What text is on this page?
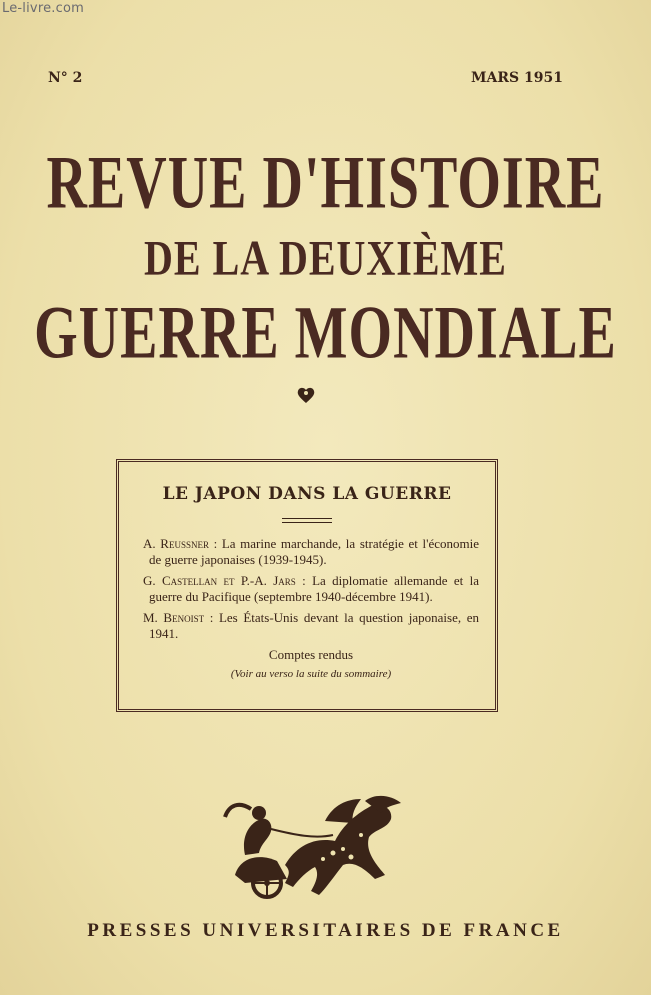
Le-livre.com
N° 2	MARS 1951
REVUE D'HISTOIRE
DE LA DEUXIÈME
GUERRE MONDIALE
LE JAPON DANS LA GUERRE
A. Reussner : La marine marchande, la stratégie et l'économie de guerre japonaises (1939-1945).
G. Castellan et P.-A. Jars : La diplomatie allemande et la guerre du Pacifique (septembre 1940-décembre 1941).
M. Benoist : Les États-Unis devant la question japonaise, en 1941.
Comptes rendus
(Voir au verso la suite du sommaire)
PRESSES UNIVERSITAIRES DE FRANCE
